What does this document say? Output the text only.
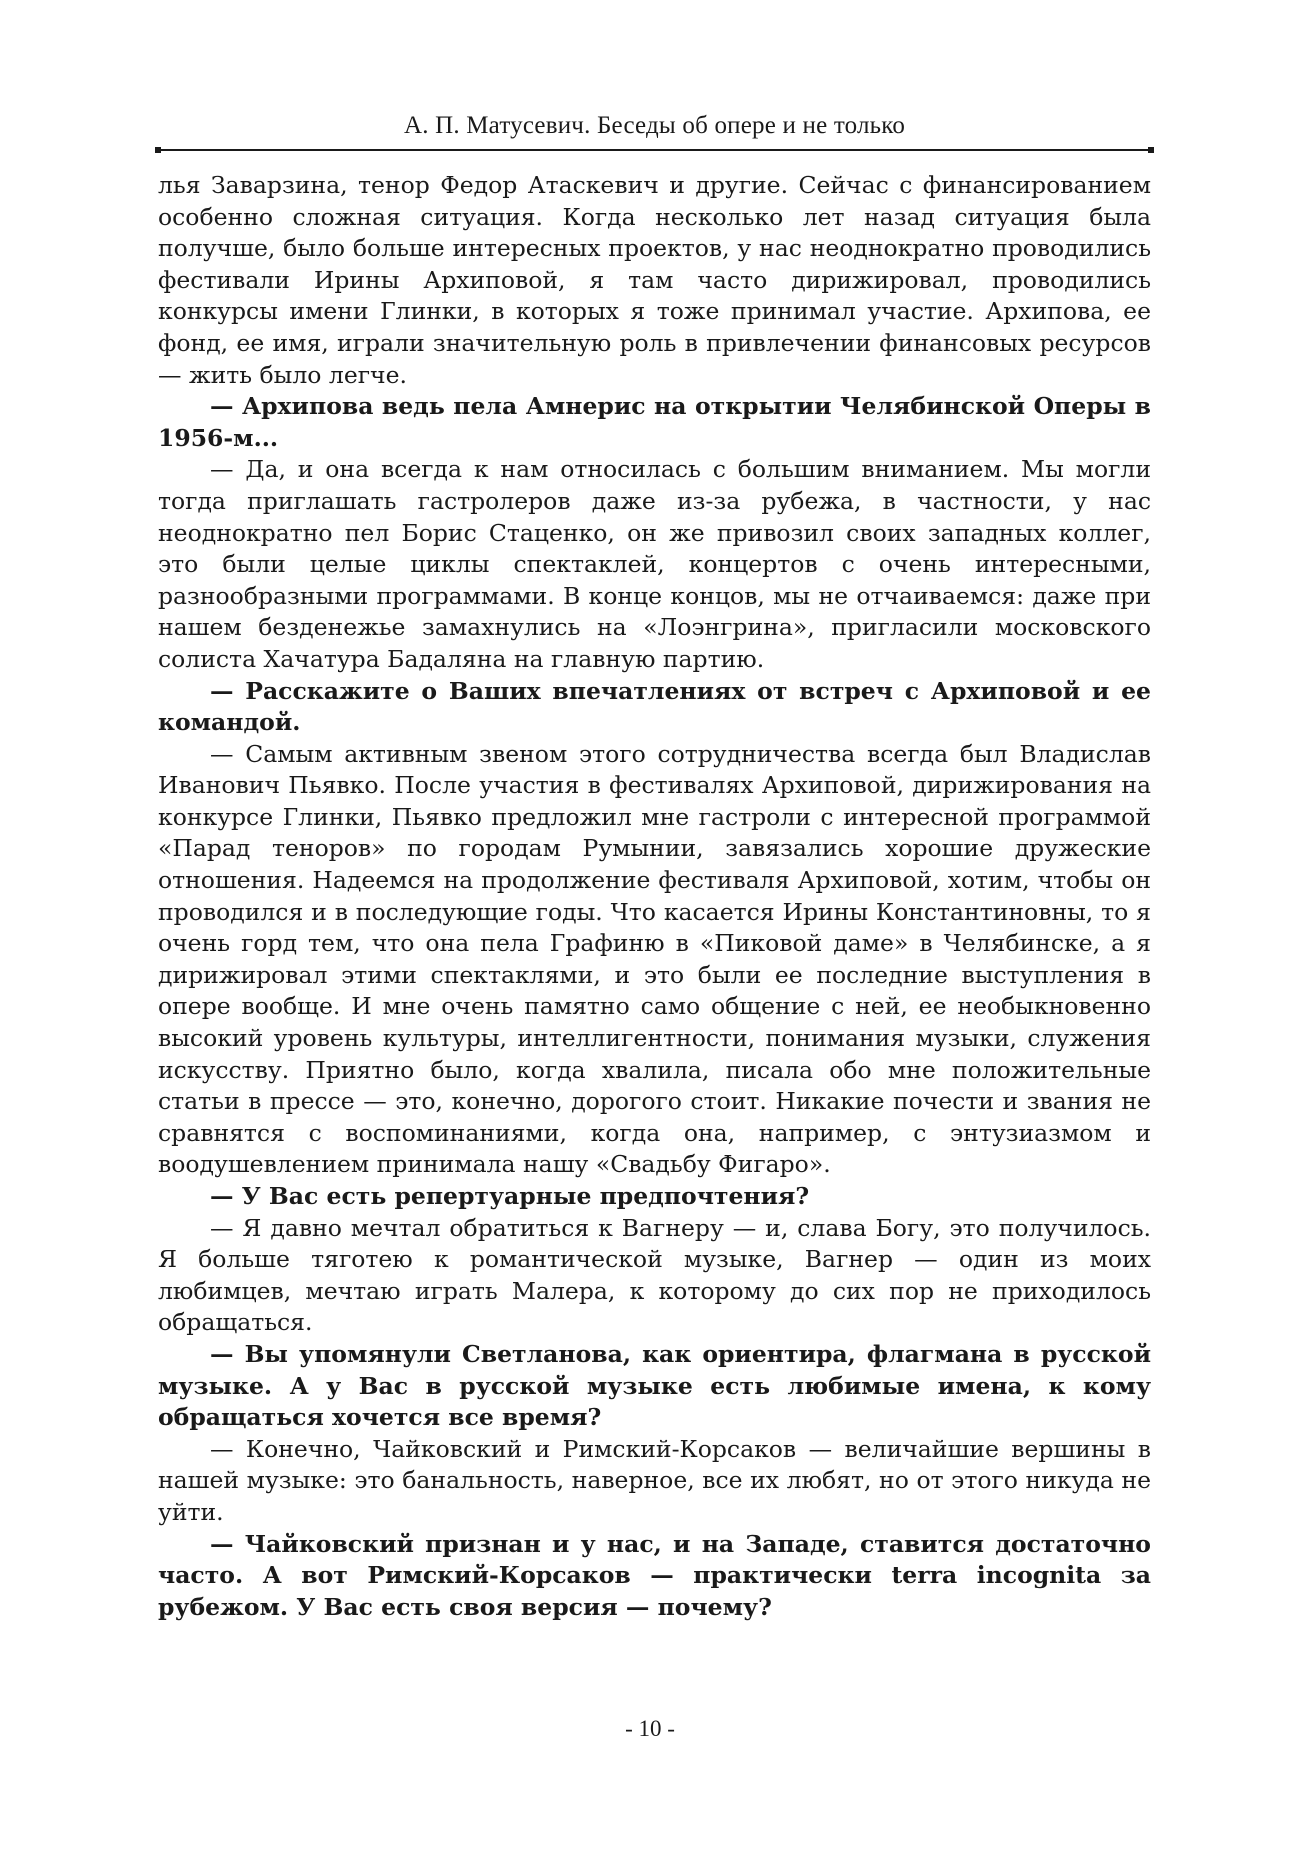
А. П. Матусевич. Беседы об опере и не только

лья Заварзина, тенор Федор Атаскевич и другие. Сейчас с финансированием особенно сложная ситуация. Когда несколько лет назад ситуация была получше, было больше интересных проектов, у нас неоднократно проводились фестивали Ирины Архиповой, я там часто дирижировал, проводились конкурсы имени Глинки, в которых я тоже принимал участие. Архипова, ее фонд, ее имя, играли значительную роль в привлечении финансовых ресурсов — жить было легче.

— Архипова ведь пела Амнерис на открытии Челябинской Оперы в 1956-м...

— Да, и она всегда к нам относилась с большим вниманием. Мы могли тогда приглашать гастролеров даже из-за рубежа, в частности, у нас неоднократно пел Борис Стаценко, он же привозил своих западных коллег, это были целые циклы спектаклей, концертов с очень интересными, разнообразными программами. В конце концов, мы не отчаиваемся: даже при нашем безденежье замахнулись на «Лоэнгрина», пригласили московского солиста Хачатура Бадаляна на главную партию.

— Расскажите о Ваших впечатлениях от встреч с Архиповой и ее командой.

— Самым активным звеном этого сотрудничества всегда был Владислав Иванович Пьявко. После участия в фестивалях Архиповой, дирижирования на конкурсе Глинки, Пьявко предложил мне гастроли с интересной программой «Парад теноров» по городам Румынии, завязались хорошие дружеские отношения. Надеемся на продолжение фестиваля Архиповой, хотим, чтобы он проводился и в последующие годы. Что касается Ирины Константиновны, то я очень горд тем, что она пела Графиню в «Пиковой даме» в Челябинске, а я дирижировал этими спектаклями, и это были ее последние выступления в опере вообще. И мне очень памятно само общение с ней, ее необыкновенно высокий уровень культуры, интеллигентности, понимания музыки, служения искусству. Приятно было, когда хвалила, писала обо мне положительные статьи в прессе — это, конечно, дорогого стоит. Никакие почести и звания не сравнятся с воспоминаниями, когда она, например, с энтузиазмом и воодушевлением принимала нашу «Свадьбу Фигаро».

— У Вас есть репертуарные предпочтения?

— Я давно мечтал обратиться к Вагнеру — и, слава Богу, это получилось. Я больше тяготею к романтической музыке, Вагнер — один из моих любимцев, мечтаю играть Малера, к которому до сих пор не приходилось обращаться.

— Вы упомянули Светланова, как ориентира, флагмана в русской музыке. А у Вас в русской музыке есть любимые имена, к кому обращаться хочется все время?

— Конечно, Чайковский и Римский-Корсаков — величайшие вершины в нашей музыке: это банальность, наверное, все их любят, но от этого никуда не уйти.

— Чайковский признан и у нас, и на Западе, ставится достаточно часто. А вот Римский-Корсаков — практически terra incognita за рубежом. У Вас есть своя версия — почему?

- 10 -
